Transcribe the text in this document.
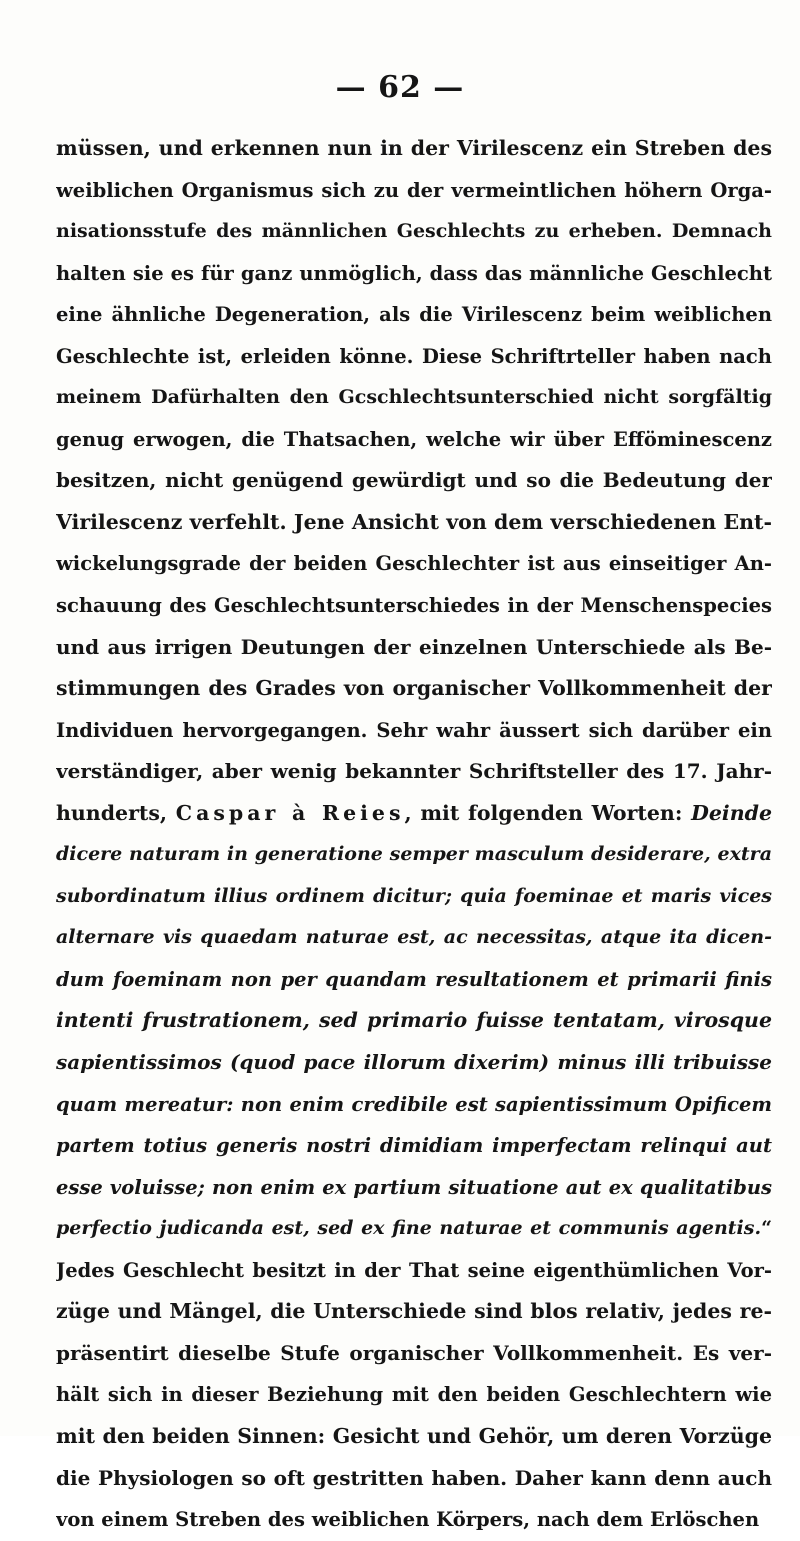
— 62 —
müssen, und erkennen nun in der Virilescenz ein Streben des
weiblichen Organismus sich zu der vermeintlichen höhern Orga-
nisationsstufe des männlichen Geschlechts zu erheben. Demnach
halten sie es für ganz unmöglich, dass das männliche Geschlecht
eine ähnliche Degeneration, als die Virilescenz beim weiblichen
Geschlechte ist, erleiden könne. Diese Schriftrteller haben nach
meinem Dafürhalten den Gcschlechtsunterschied nicht sorgfältig
genug erwogen, die Thatsachen, welche wir über Efföminescenz
besitzen, nicht genügend gewürdigt und so die Bedeutung der
Virilescenz verfehlt. Jene Ansicht von dem verschiedenen Ent-
wickelungsgrade der beiden Geschlechter ist aus einseitiger An-
schauung des Geschlechtsunterschiedes in der Menschenspecies
und aus irrigen Deutungen der einzelnen Unterschiede als Be-
stimmungen des Grades von organischer Vollkommenheit der
Individuen hervorgegangen. Sehr wahr äussert sich darüber ein
verständiger, aber wenig bekannter Schriftsteller des 17. Jahr-
hunderts, Caspar à Reies, mit folgenden Worten: Deinde
dicere naturam in generatione semper masculum desiderare, extra
subordinatum illius ordinem dicitur; quia foeminae et maris vices
alternare vis quaedam naturae est, ac necessitas, atque ita dicen-
dum foeminam non per quandam resultationem et primarii finis
intenti frustrationem, sed primario fuisse tentatam, virosque
sapientissimos (quod pace illorum dixerim) minus illi tribuisse
quam mereatur: non enim credibile est sapientissimum Opificem
partem totius generis nostri dimidiam imperfectam relinqui aut
esse voluisse; non enim ex partium situatione aut ex qualitatibus
perfectio judicanda est, sed ex fine naturae et communis agentis.“
Jedes Geschlecht besitzt in der That seine eigenthümlichen Vor-
züge und Mängel, die Unterschiede sind blos relativ, jedes re-
präsentirt dieselbe Stufe organischer Vollkommenheit. Es ver-
hält sich in dieser Beziehung mit den beiden Geschlechtern wie
mit den beiden Sinnen: Gesicht und Gehör, um deren Vorzüge
die Physiologen so oft gestritten haben. Daher kann denn auch
von einem Streben des weiblichen Körpers, nach dem Erlöschen
